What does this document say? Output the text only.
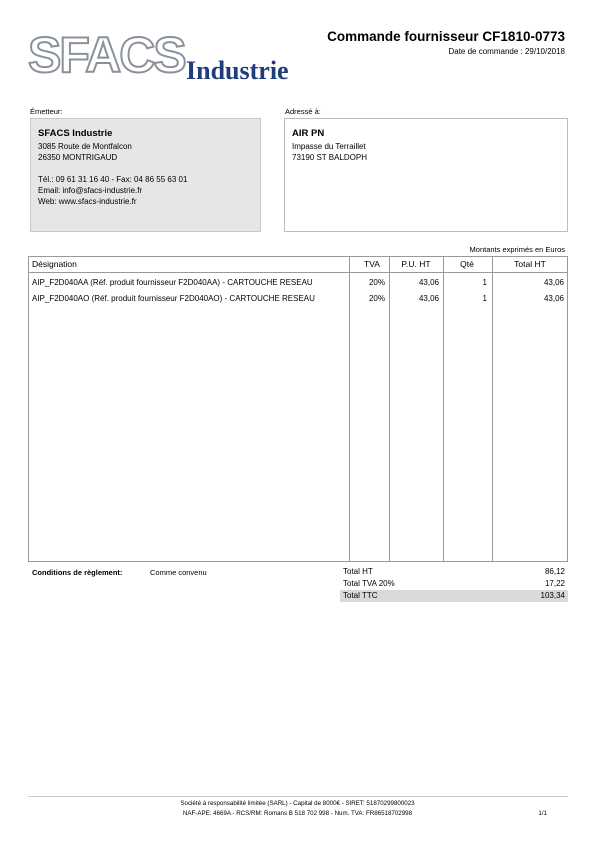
SFACS Industrie
Commande fournisseur CF1810-0773
Date de commande : 29/10/2018
Émetteur:	Adressé à:
SFACS Industrie
3085 Route de Montfalcon
26350 MONTRIGAUD
Tél.: 09 61 31 16 40 - Fax: 04 86 55 63 01
Email: info@sfacs-industrie.fr
Web: www.sfacs-industrie.fr
AIR PN
Impasse du Terraillet
73190 ST BALDOPH
Montants exprimés en Euros
Désignation	TVA	P.U. HT	Qté	Total HT
AIP_F2D040AA (Réf. produit fournisseur F2D040AA) - CARTOUCHE RESEAU	20%	43,06	1	43,06
AIP_F2D040AO (Réf. produit fournisseur F2D040AO) - CARTOUCHE RESEAU	20%	43,06	1	43,06
Conditions de règlement:	Comme convenu	Total HT	86,12
Total TVA 20%	17,22
Total TTC	103,34
Société à responsabilité limitée (SARL) - Capital de 8000€ - SIRET: 51870299800023
NAF-APE: 4669A - RCS/RM: Romans B 518 702 998 - Num. TVA: FR86518702998	1/1
